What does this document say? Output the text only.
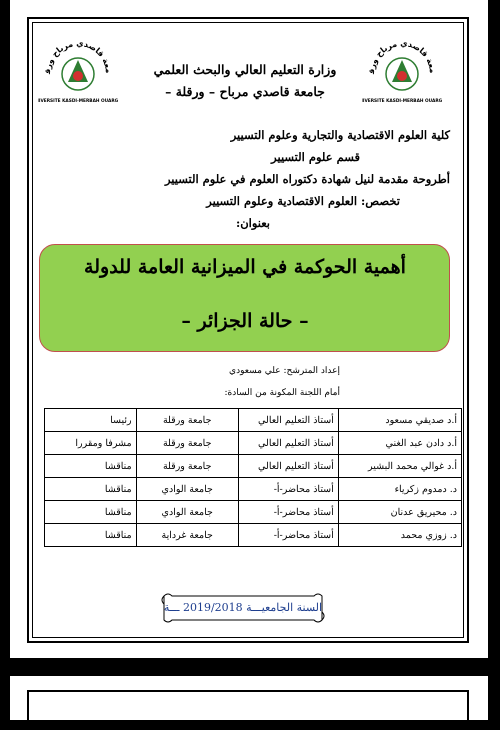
معة قاصدي مرباح ورق
IVERSITE KASDI-MERBAH OUARG
معة قاصدي مرباح ورق
IVERSITE KASDI-MERBAH OUARG
وزارة التعليم العالي والبحث العلمي
جامعة قاصدي مرباح – ورقلة –
كلية العلوم الاقتصادية والتجارية وعلوم التسيير
قسم علوم التسيير
أطروحة مقدمة لنيل شهادة دكتوراه العلوم في علوم التسيير
تخصص: العلوم الاقتصادية وعلوم التسيير
بعنوان:
أهمية الحوكمة في الميزانية العامة للدولة
– حالة الجزائر –
إعداد المترشح: علي مسعودي
أمام اللجنة المكونة من السادة:
أ.د صديقي مسعود	أستاذ التعليم العالي	جامعة ورقلة	رئيسا
أ.د دادن عبد الغني	أستاذ التعليم العالي	جامعة ورقلة	مشرفا ومقررا
أ.د غوالي محمد البشير	أستاذ التعليم العالي	جامعة ورقلة	مناقشا
د. دمدوم زكرياء	أستاذ محاضر-أ-	جامعة الوادي	مناقشا
د. محيريق عدنان	أستاذ محاضر-أ-	جامعة الوادي	مناقشا
د. زوزي محمد	أستاذ محاضر-أ-	جامعة غرداية	مناقشا
السنة الجامعيـــة 2019/2018 ـــة
